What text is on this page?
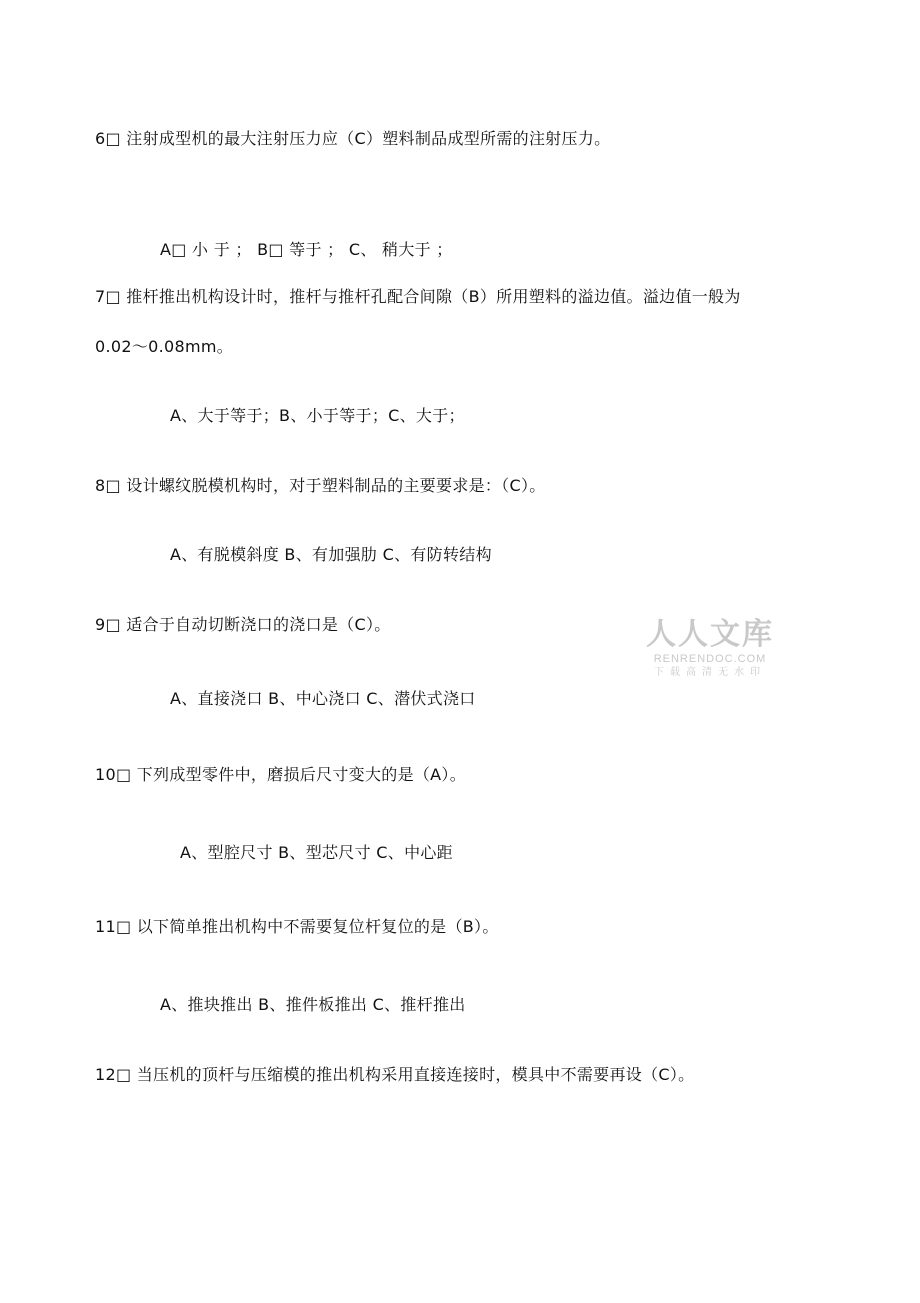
6□ 注射成型机的最大注射压力应（C）塑料制品成型所需的注射压力。
A□ 小 于 ； B□ 等于 ； C、 稍大于 ；
7□ 推杆推出机构设计时，推杆与推杆孔配合间隙（B）所用塑料的溢边值。溢边值一般为
0.02〜0.08mm。
A、大于等于；B、小于等于；C、大于；
8□ 设计螺纹脱模机构时，对于塑料制品的主要要求是：（C）。
A、有脱模斜度 B、有加强肋 C、有防转结构
9□ 适合于自动切断浇口的浇口是（C）。
A、直接浇口 B、中心浇口 C、潜伏式浇口
10□ 下列成型零件中，磨损后尺寸变大的是（A）。
A、型腔尺寸 B、型芯尺寸 C、中心距
11□ 以下简单推出机构中不需要复位杆复位的是（B）。
A、推块推出 B、推件板推出 C、推杆推出
12□ 当压机的顶杆与压缩模的推出机构采用直接连接时，模具中不需要再设（C）。
人人文库
RENRENDOC.COM
下载高清无水印
